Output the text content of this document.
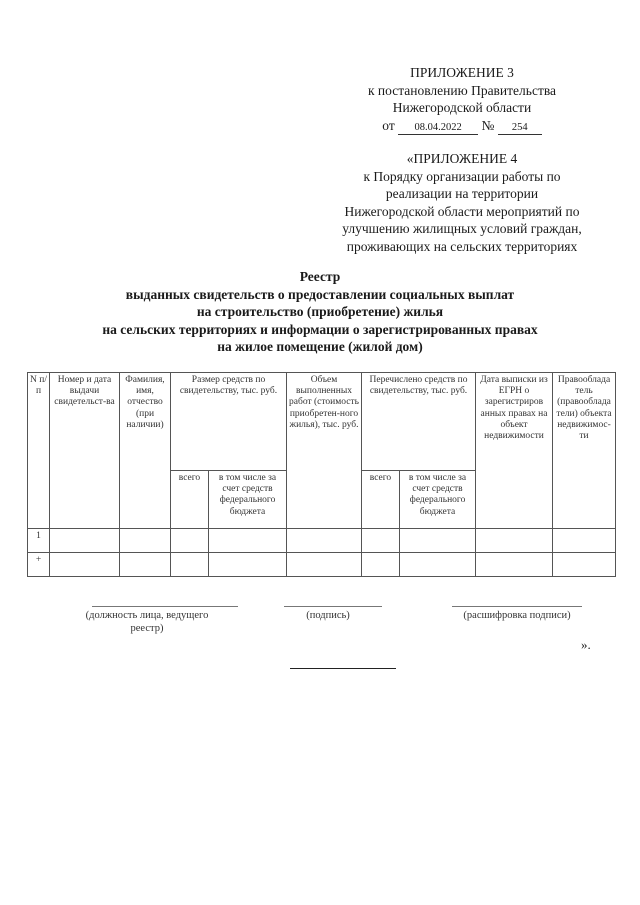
ПРИЛОЖЕНИЕ 3
к постановлению Правительства
Нижегородской области
от 08.04.2022 № 254
«ПРИЛОЖЕНИЕ 4
к Порядку организации работы по
реализации на территории
Нижегородской области мероприятий по
улучшению жилищных условий граждан,
проживающих на сельских территориях
Реестр
выданных свидетельств о предоставлении социальных выплат
на строительство (приобретение) жилья
на сельских территориях и информации о зарегистрированных правах
на жилое помещение (жилой дом)
N п/п	Номер и дата выдачи свидетельст-ва	Фамилия, имя, отчество (при наличии)	Размер средств по свидетельству, тыс. руб.		Объем выполненных работ (стоимость приобретен-ного жилья), тыс. руб.	Перечислено средств по свидетельству, тыс. руб.		Дата выписки из ЕГРН о зарегистриров анных правах на объект недвижимости	Правооблада тель (правооблада тели) объекта недвижимос-ти
			всего	в том числе за счет средств федерального бюджета		всего	в том числе за счет средств федерального бюджета		
1									
+									
(должность лица, ведущего реестр)
(подпись)	(расшифровка подписи)
».
